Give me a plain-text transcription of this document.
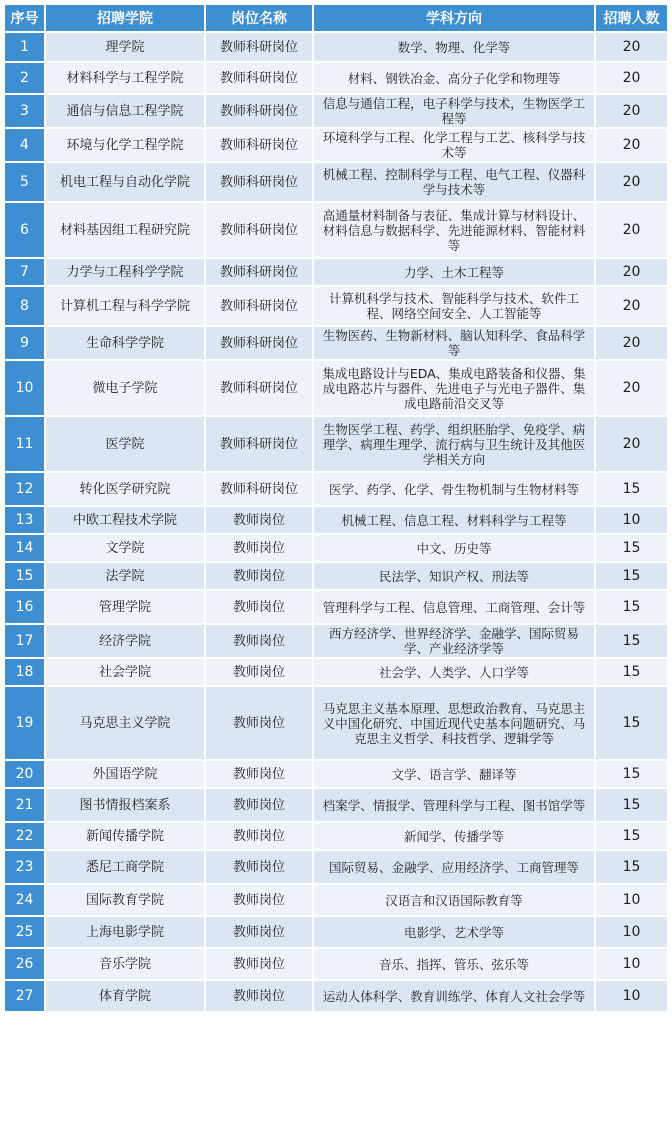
序号	招聘学院	岗位名称	学科方向	招聘人数
1	理学院	教师科研岗位	数学、物理、化学等	20
2	材料科学与工程学院	教师科研岗位	材料、钢铁冶金、高分子化学和物理等	20
3	通信与信息工程学院	教师科研岗位	信息与通信工程，电子科学与技术，生物医学工程等	20
4	环境与化学工程学院	教师科研岗位	环境科学与工程、化学工程与工艺、核科学与技术等	20
5	机电工程与自动化学院	教师科研岗位	机械工程、控制科学与工程、电气工程、仪器科学与技术等	20
6	材料基因组工程研究院	教师科研岗位	高通量材料制备与表征、集成计算与材料设计、材料信息与数据科学、先进能源材料、智能材料等	20
7	力学与工程科学学院	教师科研岗位	力学、土木工程等	20
8	计算机工程与科学学院	教师科研岗位	计算机科学与技术、智能科学与技术、软件工程、网络空间安全、人工智能等	20
9	生命科学学院	教师科研岗位	生物医药、生物新材料、脑认知科学、食品科学等	20
10	微电子学院	教师科研岗位	集成电路设计与EDA、集成电路装备和仪器、集成电路芯片与器件、先进电子与光电子器件、集成电路前沿交叉等	20
11	医学院	教师科研岗位	生物医学工程、药学、组织胚胎学、免疫学、病理学、病理生理学、流行病与卫生统计及其他医学相关方向	20
12	转化医学研究院	教师科研岗位	医学、药学、化学、骨生物机制与生物材料等	15
13	中欧工程技术学院	教师岗位	机械工程、信息工程、材料科学与工程等	10
14	文学院	教师岗位	中文、历史等	15
15	法学院	教师岗位	民法学、知识产权、刑法等	15
16	管理学院	教师岗位	管理科学与工程、信息管理、工商管理、会计等	15
17	经济学院	教师岗位	西方经济学、世界经济学、金融学、国际贸易学、产业经济学等	15
18	社会学院	教师岗位	社会学、人类学、人口学等	15
19	马克思主义学院	教师岗位	马克思主义基本原理、思想政治教育、马克思主义中国化研究、中国近现代史基本问题研究、马克思主义哲学、科技哲学、逻辑学等	15
20	外国语学院	教师岗位	文学、语言学、翻译等	15
21	图书情报档案系	教师岗位	档案学、情报学、管理科学与工程、图书馆学等	15
22	新闻传播学院	教师岗位	新闻学、传播学等	15
23	悉尼工商学院	教师岗位	国际贸易、金融学、应用经济学、工商管理等	15
24	国际教育学院	教师岗位	汉语言和汉语国际教育等	10
25	上海电影学院	教师岗位	电影学、艺术学等	10
26	音乐学院	教师岗位	音乐、指挥、管乐、弦乐等	10
27	体育学院	教师岗位	运动人体科学、教育训练学、体育人文社会学等	10
